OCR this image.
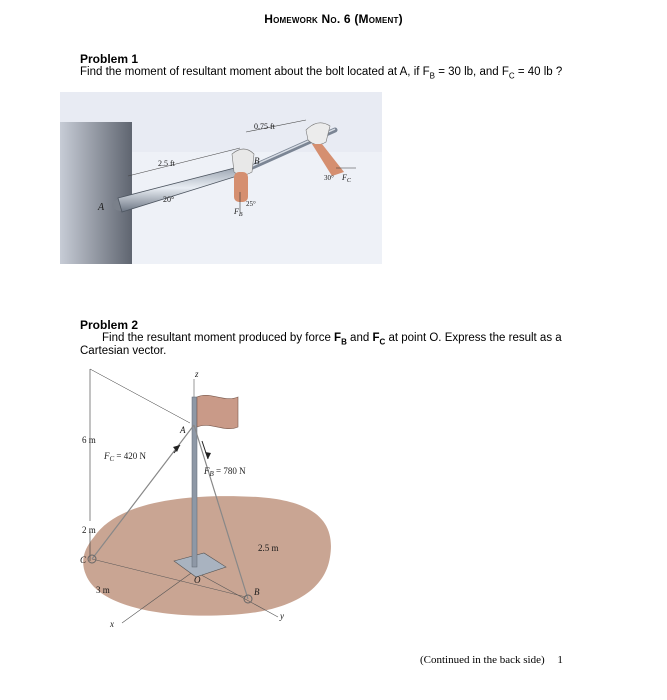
Homework No. 6 (Moment)
Problem 1
Find the moment of resultant moment about the bolt located at A, if $F_B = 30$ lb, and $F_C = 40$ lb ?
A
B
2.5 ft
0.75 ft
20°	25°
30°
$F_B$
$F_C$
Problem 2
Find the resultant moment produced by force $F_B$ and $F_C$ at point O. Express the result as a
Cartesian vector.
z
A
6 m
$F_C = 420$ N
$F_B = 780$ N
2 m
C
3 m
x
O
2.5 m
B
y
(Continued in the back side) 1
